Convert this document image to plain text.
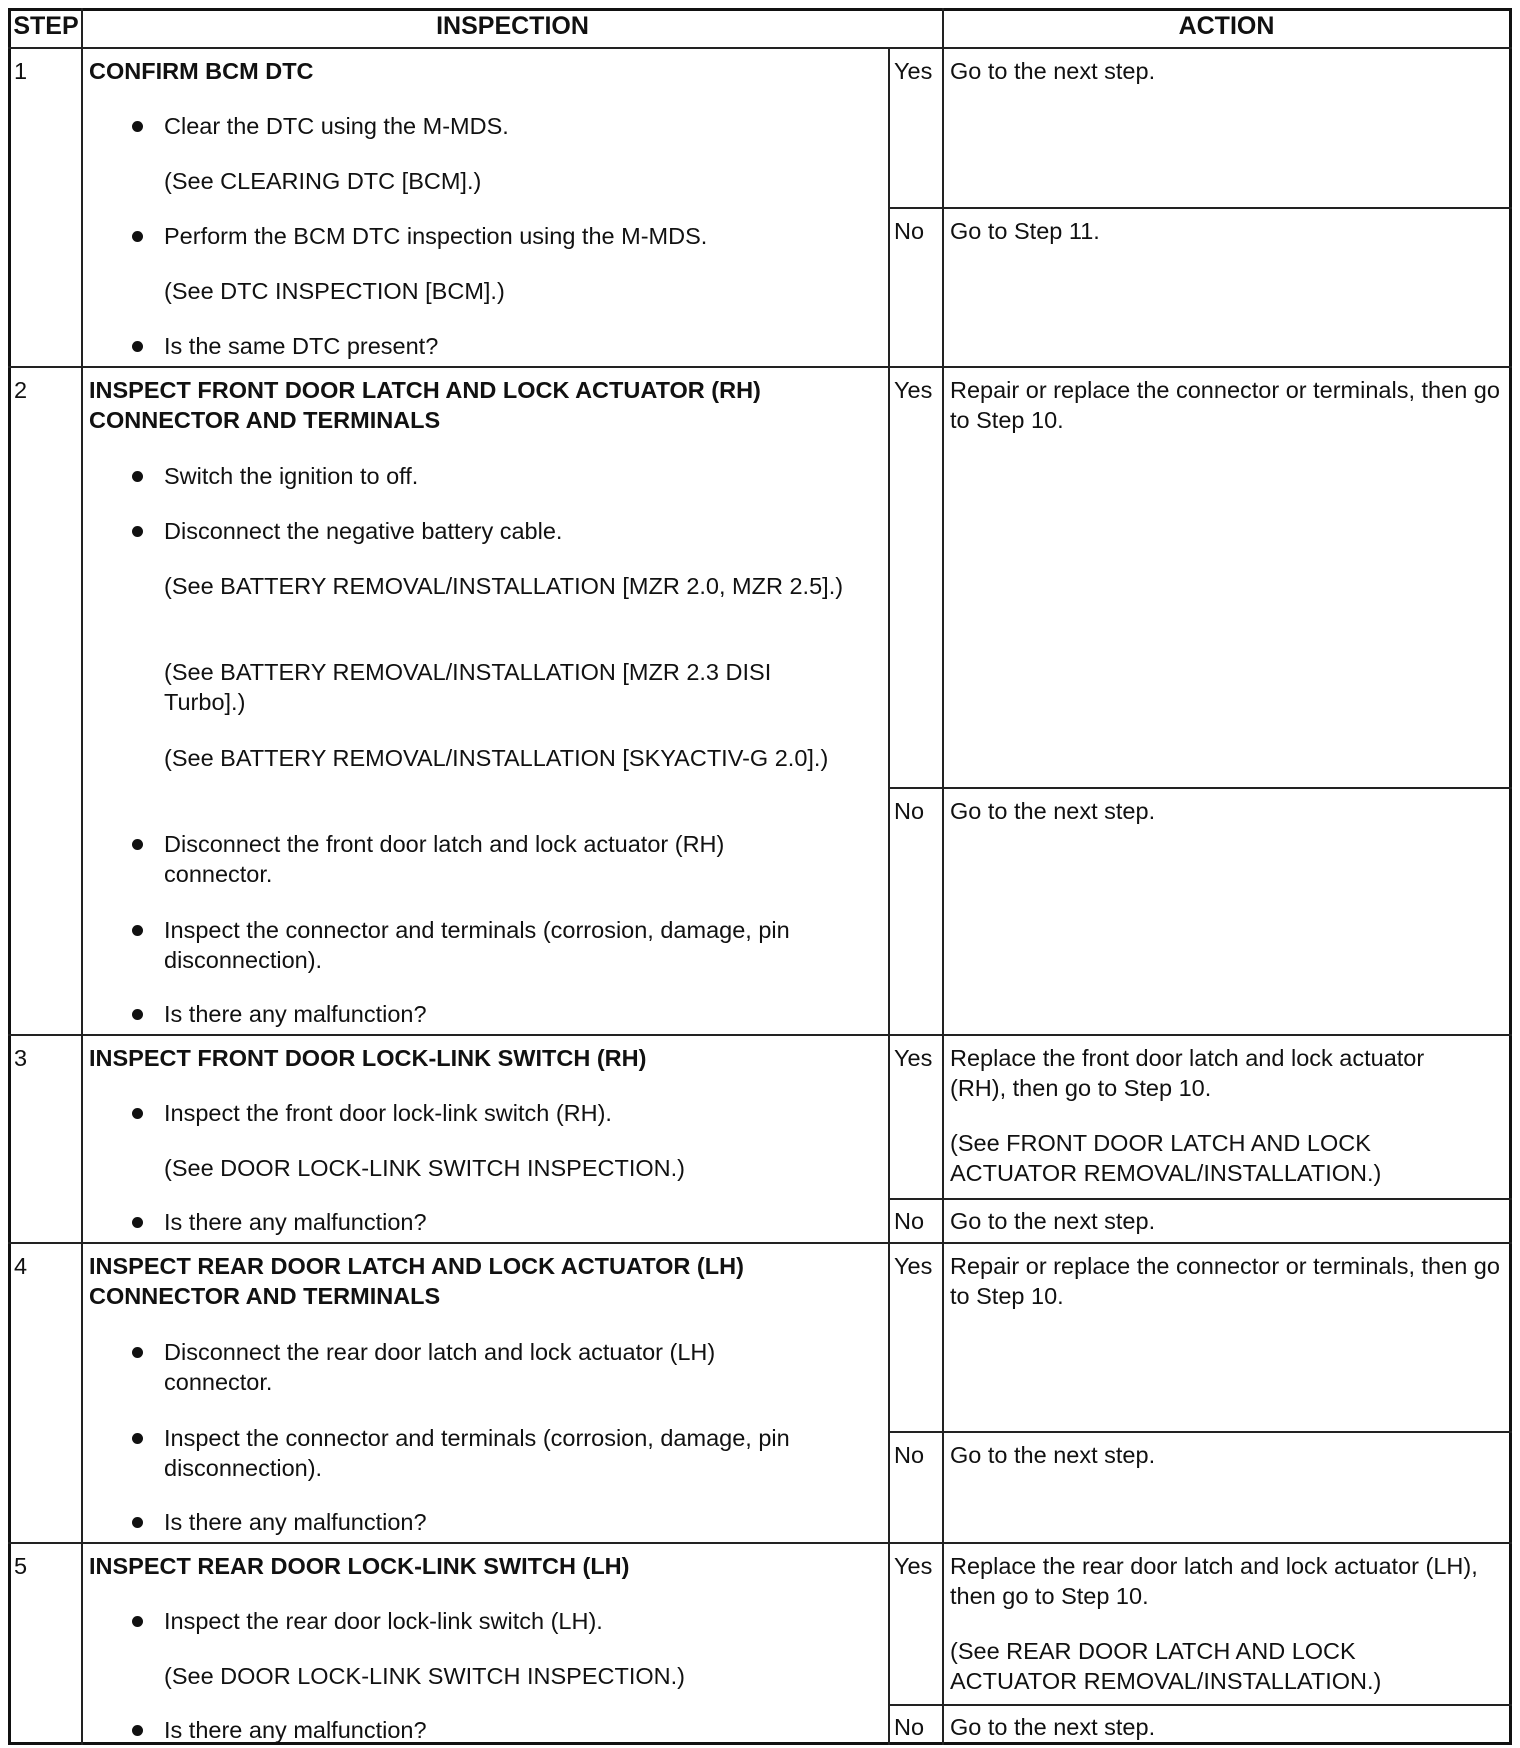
STEP	INSPECTION	ACTION
1	CONFIRM BCM DTC
Clear the DTC using the M-MDS.
(See CLEARING DTC [BCM].)
Perform the BCM DTC inspection using the M-MDS.
(See DTC INSPECTION [BCM].)
Is the same DTC present?
Yes Go to the next step.
No Go to Step 11.
2	INSPECT FRONT DOOR LATCH AND LOCK ACTUATOR (RH) CONNECTOR AND TERMINALS
Switch the ignition to off.
Disconnect the negative battery cable.
(See BATTERY REMOVAL/INSTALLATION [MZR 2.0, MZR 2.5].)
(See BATTERY REMOVAL/INSTALLATION [MZR 2.3 DISI Turbo].)
(See BATTERY REMOVAL/INSTALLATION [SKYACTIV-G 2.0].)
Disconnect the front door latch and lock actuator (RH) connector.
Inspect the connector and terminals (corrosion, damage, pin disconnection).
Is there any malfunction?
Yes Repair or replace the connector or terminals, then go to Step 10.
No Go to the next step.
3	INSPECT FRONT DOOR LOCK-LINK SWITCH (RH)
Inspect the front door lock-link switch (RH).
(See DOOR LOCK-LINK SWITCH INSPECTION.)
Is there any malfunction?
Yes Replace the front door latch and lock actuator (RH), then go to Step 10.
(See FRONT DOOR LATCH AND LOCK ACTUATOR REMOVAL/INSTALLATION.)
No Go to the next step.
4	INSPECT REAR DOOR LATCH AND LOCK ACTUATOR (LH) CONNECTOR AND TERMINALS
Disconnect the rear door latch and lock actuator (LH) connector.
Inspect the connector and terminals (corrosion, damage, pin disconnection).
Is there any malfunction?
Yes Repair or replace the connector or terminals, then go to Step 10.
No Go to the next step.
5	INSPECT REAR DOOR LOCK-LINK SWITCH (LH)
Inspect the rear door lock-link switch (LH).
(See DOOR LOCK-LINK SWITCH INSPECTION.)
Is there any malfunction?
Yes Replace the rear door latch and lock actuator (LH), then go to Step 10.
(See REAR DOOR LATCH AND LOCK ACTUATOR REMOVAL/INSTALLATION.)
No Go to the next step.
